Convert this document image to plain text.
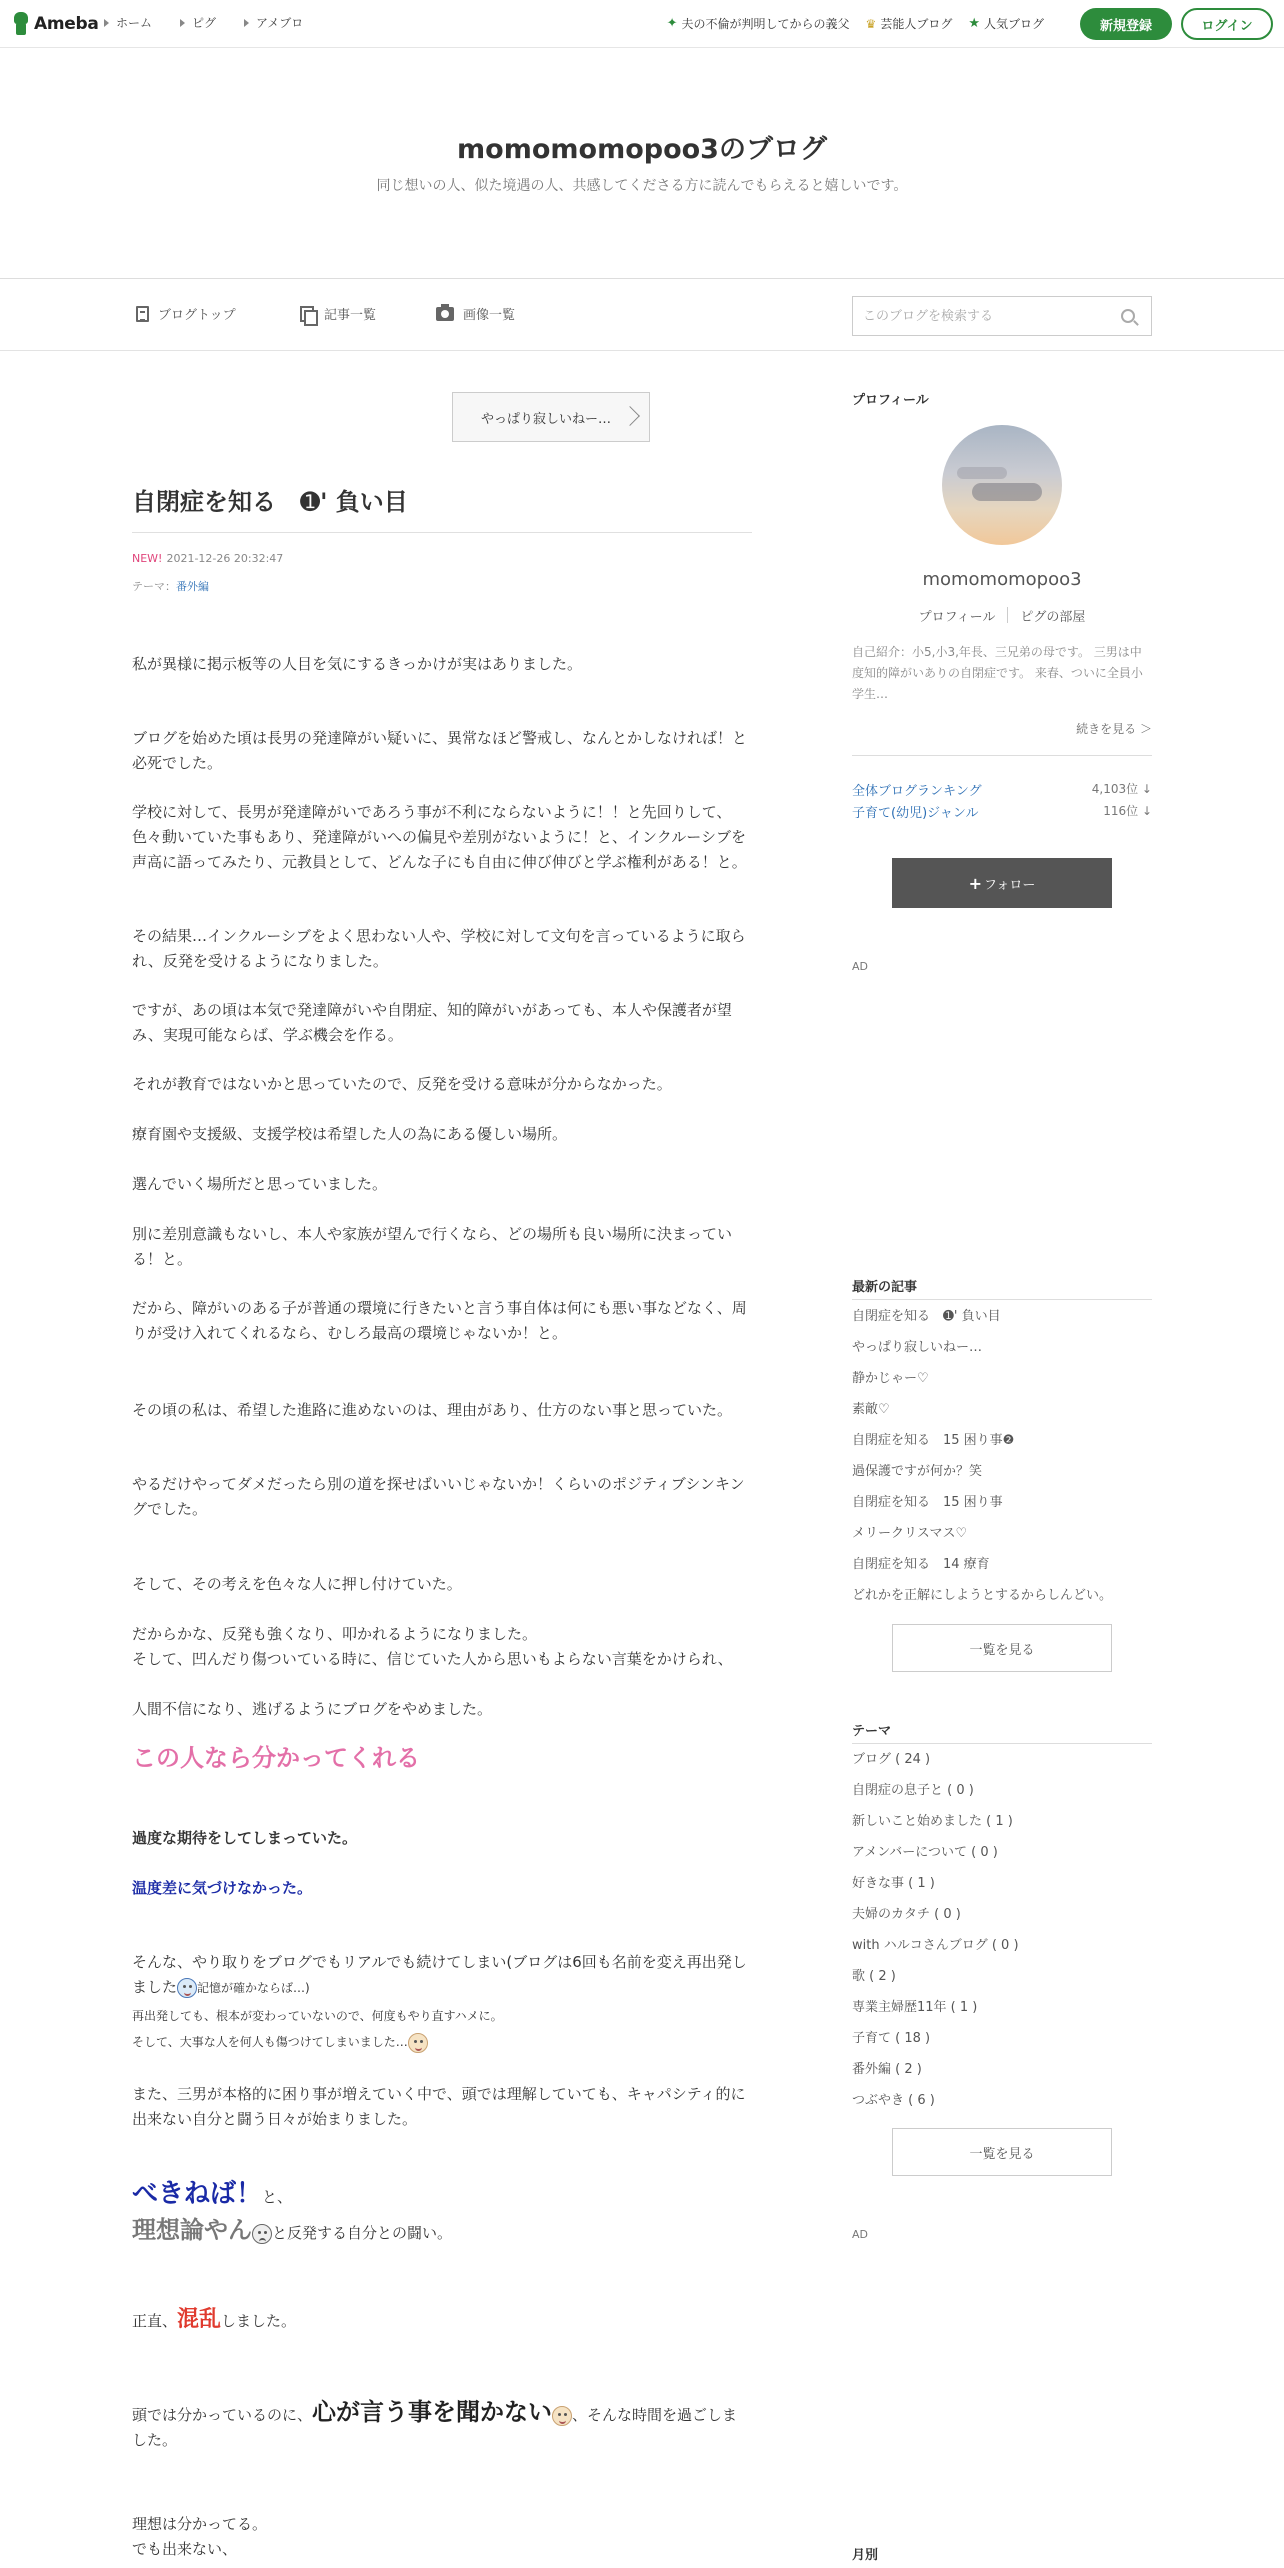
Ameba ホーム	ピグ	アメブロ	✦ 夫の不倫が判明してからの義父 ♛ 芸能人ブログ ★ 人気ブログ	新規登録	ログイン
momomomopoo3のブログ
同じ想いの人、似た境遇の人、共感してくださる方に読んでもらえると嬉しいです。
ブログトップ	記事一覧	画像一覧
このブログを検索する
やっぱり寂しいねー…
自閉症を知る　➊' 負い目
NEW! 2021-12-26 20:32:47
テーマ：番外編
私が異様に掲示板等の人目を気にするきっかけが実はありました。
ブログを始めた頃は長男の発達障がい疑いに、異常なほど警戒し、なんとかしなければ！と必死でした。
学校に対して、長男が発達障がいであろう事が不利にならないように！！と先回りして、色々動いていた事もあり、発達障がいへの偏見や差別がないように！と、インクルーシブを声高に語ってみたり、元教員として、どんな子にも自由に伸び伸びと学ぶ権利がある！と。
その結果…インクルーシブをよく思わない人や、学校に対して文句を言っているように取られ、反発を受けるようになりました。
ですが、あの頃は本気で発達障がいや自閉症、知的障がいがあっても、本人や保護者が望み、実現可能ならば、学ぶ機会を作る。
それが教育ではないかと思っていたので、反発を受ける意味が分からなかった。
療育園や支援級、支援学校は希望した人の為にある優しい場所。
選んでいく場所だと思っていました。
別に差別意識もないし、本人や家族が望んで行くなら、どの場所も良い場所に決まっている！と。
だから、障がいのある子が普通の環境に行きたいと言う事自体は何にも悪い事などなく、周りが受け入れてくれるなら、むしろ最高の環境じゃないか！と。
その頃の私は、希望した進路に進めないのは、理由があり、仕方のない事と思っていた。
やるだけやってダメだったら別の道を探せばいいじゃないか！くらいのポジティブシンキングでした。
そして、その考えを色々な人に押し付けていた。
だからかな、反発も強くなり、叩かれるようになりました。
そして、凹んだり傷ついている時に、信じていた人から思いもよらない言葉をかけられ、
人間不信になり、逃げるようにブログをやめました。
この人なら分かってくれる
過度な期待をしてしまっていた。
温度差に気づけなかった。
そんな、やり取りをブログでもリアルでも続けてしまい(ブログは6回も名前を変え再出発しました 記憶が確かならば…)
再出発しても、根本が変わっていないので、何度もやり直すハメに。
そして、大事な人を何人も傷つけてしまいました…
また、三男が本格的に困り事が増えていく中で、頭では理解していても、キャパシティ的に出来ない自分と闘う日々が始まりました。
べきねば！と、
理想論やん と反発する自分との闘い。
正直、混乱しました。
頭では分かっているのに、心が言う事を聞かない 、そんな時間を過ごしました。
理想は分かってる。
でも出来ない、
プロフィール
momomomopoo3
プロフィール	ピグの部屋
自己紹介：小5,小3,年長、三兄弟の母です。 三男は中度知的障がいありの自閉症です。 来春、ついに全員小学生…
続きを見る ＞
全体ブログランキング	4,103位 ↓
子育て(幼児)ジャンル	116位 ↓
+ フォロー
AD
最新の記事
自閉症を知る　➊' 負い目
やっぱり寂しいねー…
静かじゃー♡
素敵♡
自閉症を知る　15 困り事❷
過保護ですが何か？笑
自閉症を知る　15 困り事
メリークリスマス♡
自閉症を知る　14 療育
どれかを正解にしようとするからしんどい。
一覧を見る
テーマ
ブログ ( 24 )
自閉症の息子と ( 0 )
新しいこと始めました ( 1 )
アメンバーについて ( 0 )
好きな事 ( 1 )
夫婦のカタチ ( 0 )
with ハルコさんブログ ( 0 )
歌 ( 2 )
専業主婦歴11年 ( 1 )
子育て ( 18 )
番外編 ( 2 )
つぶやき ( 6 )
一覧を見る
AD
月別
